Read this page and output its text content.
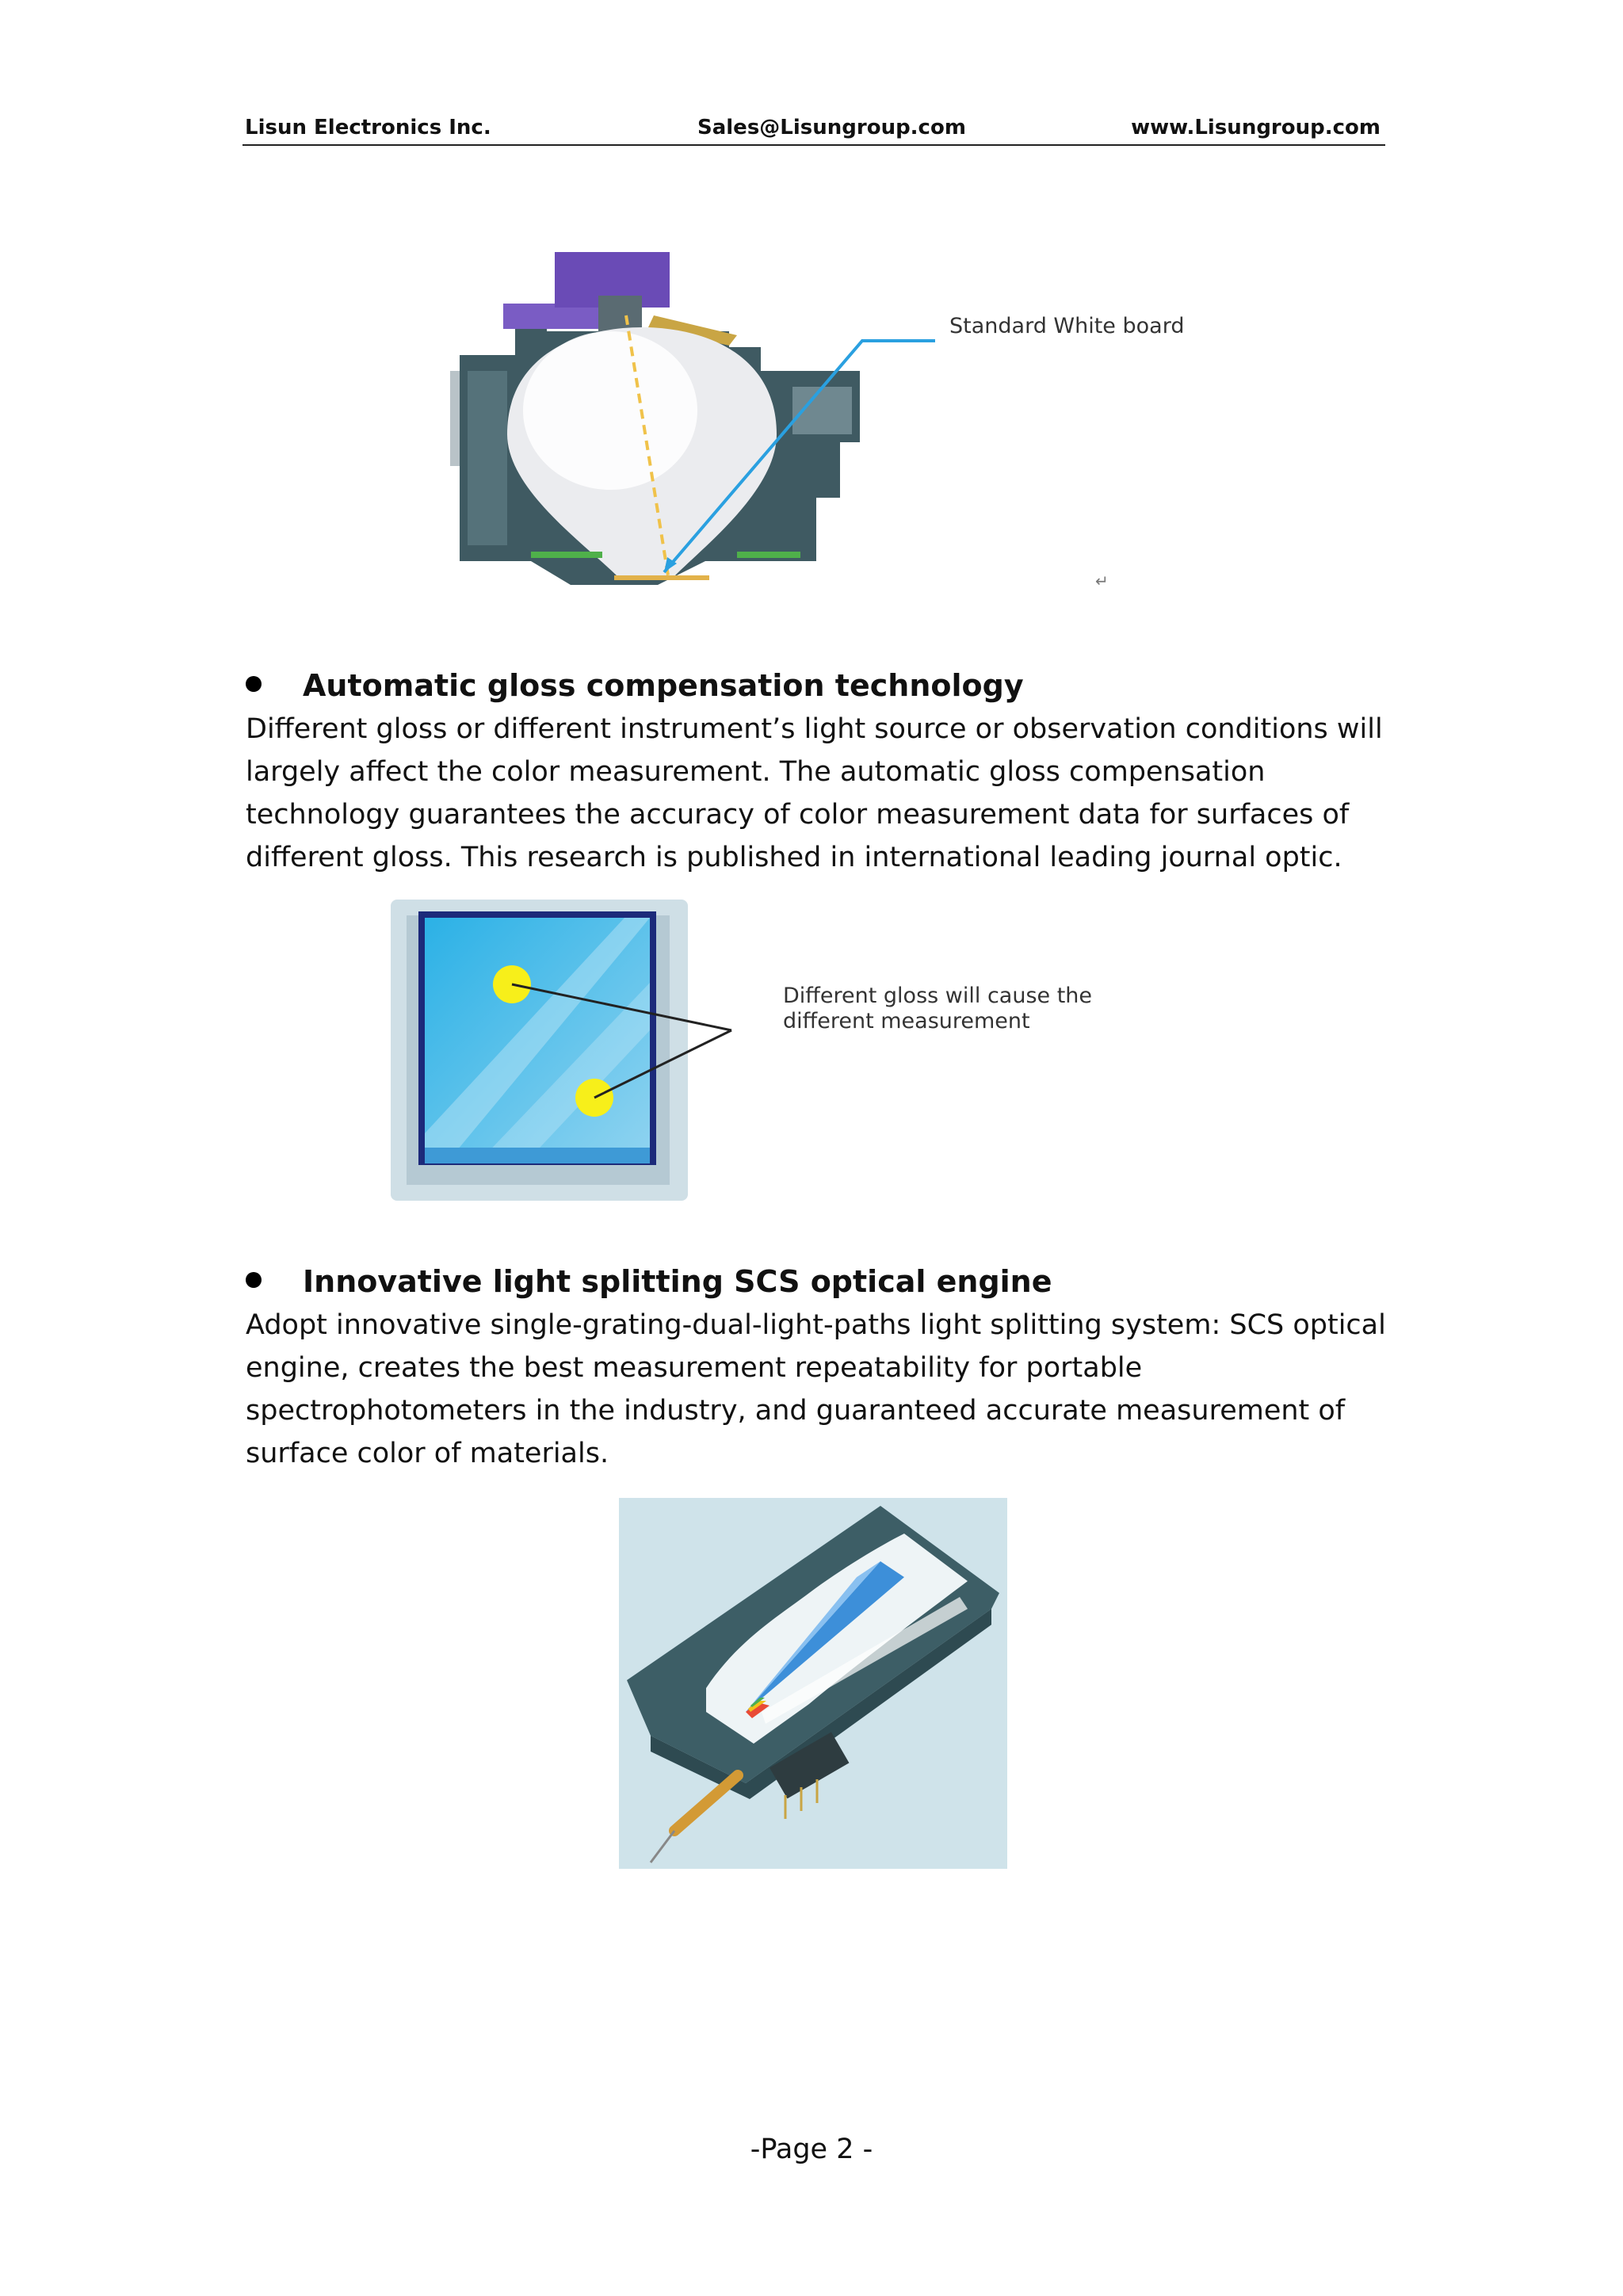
Lisun Electronics Inc.	Sales@Lisungroup.com	www.Lisungroup.com
Standard White board
↵
Automatic gloss compensation technology
Different gloss or different instrument’s light source or observation conditions will
largely affect the color measurement. The automatic gloss compensation
technology guarantees the accuracy of color measurement data for surfaces of
different gloss. This research is published in international leading journal optic.
Different gloss will cause the
different measurement
Innovative light splitting SCS optical engine
Adopt innovative single-grating-dual-light-paths light splitting system: SCS optical
engine, creates the best measurement repeatability for portable
spectrophotometers in the industry, and guaranteed accurate measurement of
surface color of materials.
-Page 2 -
